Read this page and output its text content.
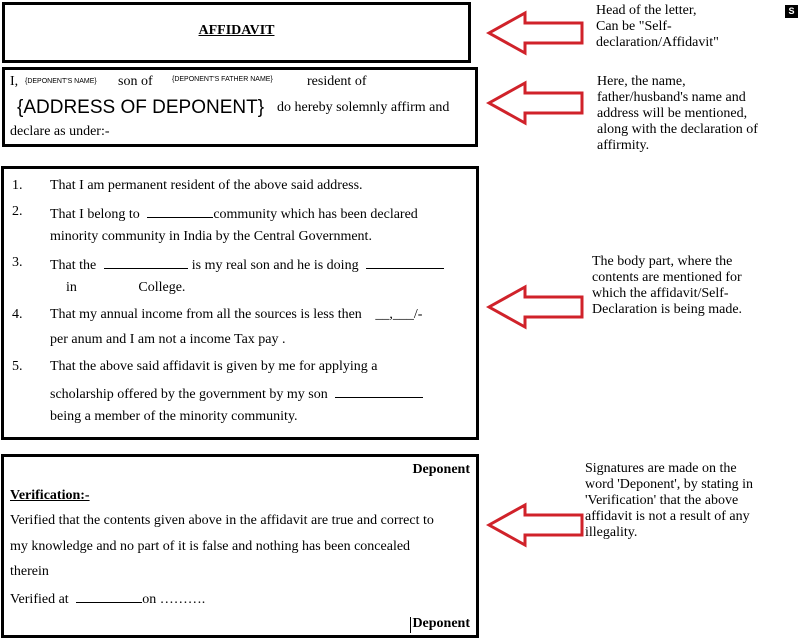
AFFIDAVIT
I, {DEPONENT'S NAME} son of	{DEPONENT'S FATHER NAME} resident of
{ADDRESS OF DEPONENT} do hereby solemnly affirm and
declare as under:-
1. That I am permanent resident of the above said address.
2. That I belong to	community which has been declared
minority community in India by the Central Government.
3. That the	is my real son and he is doing
in	College.
4. That my annual income from all the sources is less then __,___/-
per anum and I am not a income Tax pay .
5. That the above said affidavit is given by me for applying a
scholarship offered by the government by my son
being a member of the minority community.
Deponent
Verification:-
Verified that the contents given above in the affidavit are true and correct to
my knowledge and no part of it is false and nothing has been concealed
therein
Verified at	on ……….
Deponent
Head of the letter,
Can be "Self-
declaration/Affidavit"
Here, the name,
father/husband's name and
address will be mentioned,
along with the declaration of
affirmity.
The body part, where the
contents are mentioned for
which the affidavit/Self-
Declaration is being made.
Signatures are made on the
word 'Deponent', by stating in
'Verification' that the above
affidavit is not a result of any
illegality.
S
